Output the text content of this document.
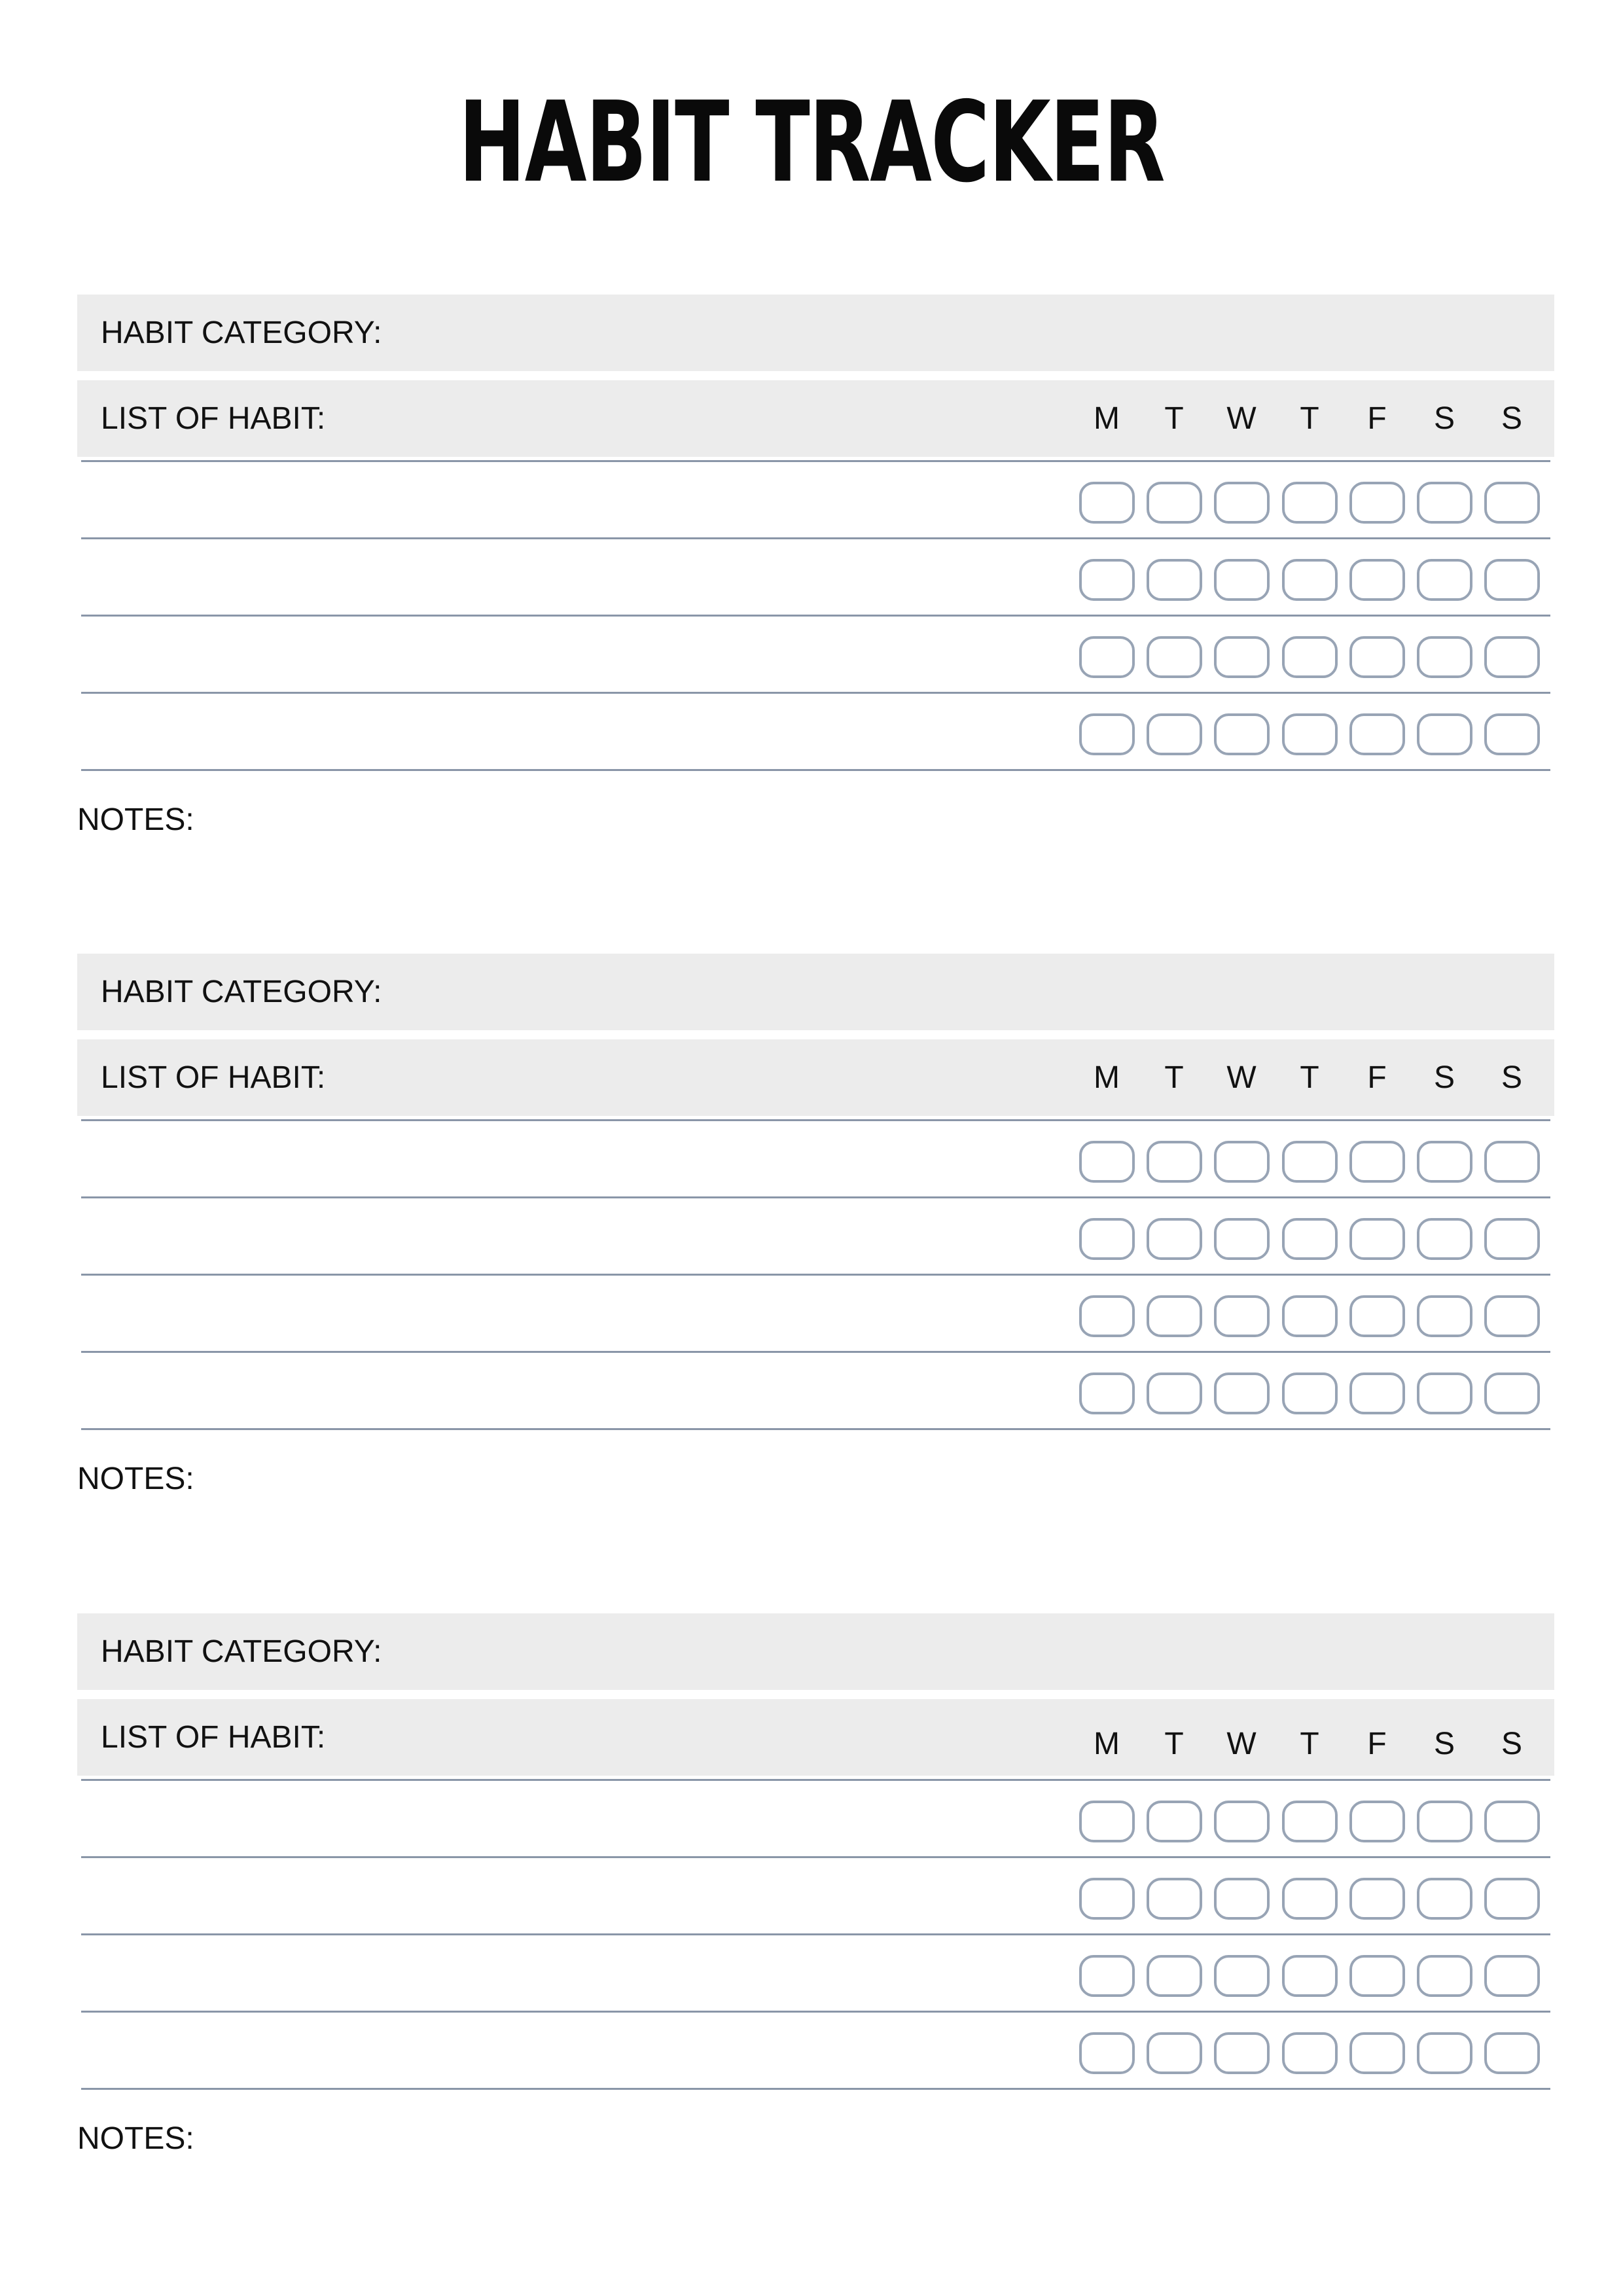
HABIT TRACKER
HABIT CATEGORY:
LIST OF HABIT:	M	T	W	T	F	S	S
NOTES:
HABIT CATEGORY:
LIST OF HABIT:	M	T	W	T	F	S	S
NOTES:
HABIT CATEGORY:
LIST OF HABIT:	M	T	W	T	F	S	S
NOTES:
